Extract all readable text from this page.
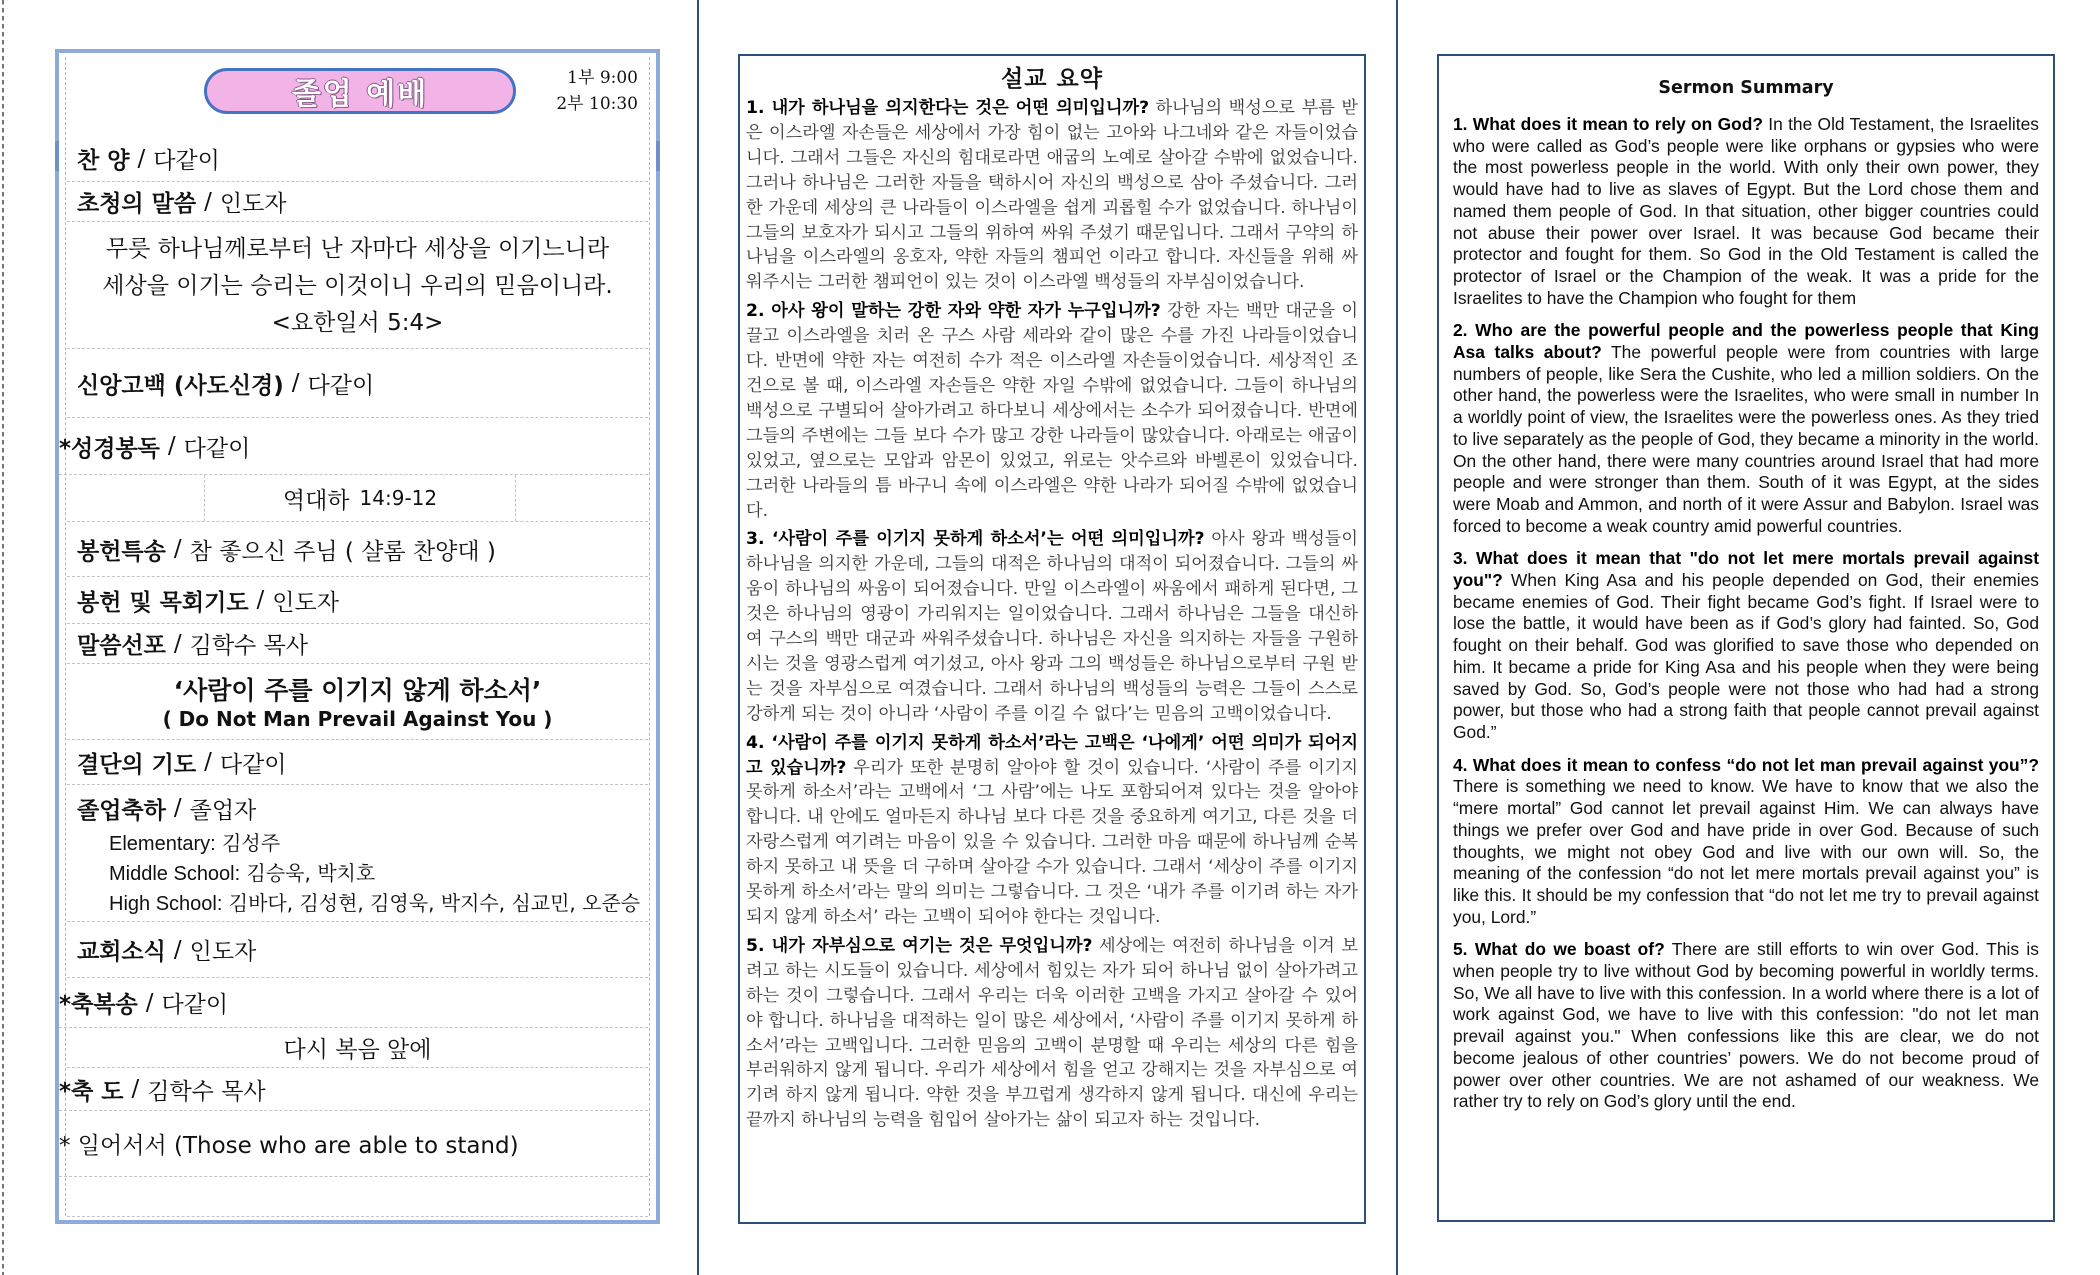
졸업 예배	1부 9:00
2부 10:30
찬 양 / 다같이
초청의 말씀 / 인도자
무릇 하나님께로부터 난 자마다 세상을 이기느니라
세상을 이기는 승리는 이것이니 우리의 믿음이니라.
<요한일서 5:4>
신앙고백 (사도신경) / 다같이
*성경봉독 / 다같이
역대하 14:9-12
봉헌특송 / 참 좋으신 주님 ( 샬롬 찬양대 )
봉헌 및 목회기도 / 인도자
말씀선포 / 김학수 목사
‘사람이 주를 이기지 않게 하소서’
( Do Not Man Prevail Against You )
결단의 기도 / 다같이
졸업축하 / 졸업자
Elementary: 김성주
Middle School: 김승욱, 박치호
High School: 김바다, 김성현, 김영욱, 박지수, 심교민, 오준승
교회소식 / 인도자
*축복송 / 다같이
다시 복음 앞에
*축 도 / 김학수 목사
* 일어서서 (Those who are able to stand)
설교 요약

1. 내가 하나님을 의지한다는 것은 어떤 의미입니까? 하나님의 백성으로 부름 받은 이스라엘 자손들은 세상에서 가장 힘이 없는 고아와 나그네와 같은 자들이었습니다. 그래서 그들은 자신의 힘대로라면 애굽의 노예로 살아갈 수밖에 없었습니다. 그러나 하나님은 그러한 자들을 택하시어 자신의 백성으로 삼아 주셨습니다. 그러한 가운데 세상의 큰 나라들이 이스라엘을 쉽게 괴롭힐 수가 없었습니다. 하나님이 그들의 보호자가 되시고 그들의 위하여 싸워 주셨기 때문입니다. 그래서 구약의 하나님을 이스라엘의 옹호자, 약한 자들의 챔피언 이라고 합니다. 자신들을 위해 싸워주시는 그러한 챔피언이 있는 것이 이스라엘 백성들의 자부심이었습니다.

2. 아사 왕이 말하는 강한 자와 약한 자가 누구입니까? 강한 자는 백만 대군을 이끌고 이스라엘을 치러 온 구스 사람 세라와 같이 많은 수를 가진 나라들이었습니다. 반면에 약한 자는 여전히 수가 적은 이스라엘 자손들이었습니다. 세상적인 조건으로 볼 때, 이스라엘 자손들은 약한 자일 수밖에 없었습니다. 그들이 하나님의 백성으로 구별되어 살아가려고 하다보니 세상에서는 소수가 되어졌습니다. 반면에 그들의 주변에는 그들 보다 수가 많고 강한 나라들이 많았습니다. 아래로는 애굽이 있었고, 옆으로는 모압과 암몬이 있었고, 위로는 앗수르와 바벨론이 있었습니다. 그러한 나라들의 틈 바구니 속에 이스라엘은 약한 나라가 되어질 수밖에 없었습니다.

3. ‘사람이 주를 이기지 못하게 하소서’는 어떤 의미입니까? 아사 왕과 백성들이 하나님을 의지한 가운데, 그들의 대적은 하나님의 대적이 되어졌습니다. 그들의 싸움이 하나님의 싸움이 되어졌습니다. 만일 이스라엘이 싸움에서 패하게 된다면, 그것은 하나님의 영광이 가리워지는 일이었습니다. 그래서 하나님은 그들을 대신하여 구스의 백만 대군과 싸워주셨습니다. 하나님은 자신을 의지하는 자들을 구원하시는 것을 영광스럽게 여기셨고, 아사 왕과 그의 백성들은 하나님으로부터 구원 받는 것을 자부심으로 여겼습니다. 그래서 하나님의 백성들의 능력은 그들이 스스로 강하게 되는 것이 아니라 ‘사람이 주를 이길 수 없다’는 믿음의 고백이었습니다.

4. ‘사람이 주를 이기지 못하게 하소서’라는 고백은 ‘나에게’ 어떤 의미가 되어지고 있습니까? 우리가 또한 분명히 알아야 할 것이 있습니다. ‘사람이 주를 이기지 못하게 하소서’라는 고백에서 ‘그 사람’에는 나도 포함되어져 있다는 것을 알아야 합니다. 내 안에도 얼마든지 하나님 보다 다른 것을 중요하게 여기고, 다른 것을 더 자랑스럽게 여기려는 마음이 있을 수 있습니다. 그러한 마음 때문에 하나님께 순복하지 못하고 내 뜻을 더 구하며 살아갈 수가 있습니다. 그래서 ‘세상이 주를 이기지 못하게 하소서’라는 말의 의미는 그렇습니다. 그 것은 ‘내가 주를 이기려 하는 자가 되지 않게 하소서’ 라는 고백이 되어야 한다는 것입니다.

5. 내가 자부심으로 여기는 것은 무엇입니까? 세상에는 여전히 하나님을 이겨 보려고 하는 시도들이 있습니다. 세상에서 힘있는 자가 되어 하나님 없이 살아가려고 하는 것이 그렇습니다. 그래서 우리는 더욱 이러한 고백을 가지고 살아갈 수 있어야 합니다. 하나님을 대적하는 일이 많은 세상에서, ‘사람이 주를 이기지 못하게 하소서’라는 고백입니다. 그러한 믿음의 고백이 분명할 때 우리는 세상의 다른 힘을 부러워하지 않게 됩니다. 우리가 세상에서 힘을 얻고 강해지는 것을 자부심으로 여기려 하지 않게 됩니다. 약한 것을 부끄럽게 생각하지 않게 됩니다. 대신에 우리는 끝까지 하나님의 능력을 힘입어 살아가는 삶이 되고자 하는 것입니다.

Sermon Summary

1. What does it mean to rely on God? In the Old Testament, the Israelites who were called as God’s people were like orphans or gypsies who were the most powerless people in the world. With only their own power, they would have had to live as slaves of Egypt. But the Lord chose them and named them people of God. In that situation, other bigger countries could not abuse their power over Israel. It was because God became their protector and fought for them. So God in the Old Testament is called the protector of Israel or the Champion of the weak. It was a pride for the Israelites to have the Champion who fought for them

2. Who are the powerful people and the powerless people that King Asa talks about? The powerful people were from countries with large numbers of people, like Sera the Cushite, who led a million soldiers. On the other hand, the powerless were the Israelites, who were small in number In a worldly point of view, the Israelites were the powerless ones. As they tried to live separately as the people of God, they became a minority in the world. On the other hand, there were many countries around Israel that had more people and were stronger than them. South of it was Egypt, at the sides were Moab and Ammon, and north of it were Assur and Babylon. Israel was forced to become a weak country amid powerful countries.

3. What does it mean that "do not let mere mortals prevail against you"? When King Asa and his people depended on God, their enemies became enemies of God. Their fight became God’s fight. If Israel were to lose the battle, it would have been as if God’s glory had fainted. So, God fought on their behalf. God was glorified to save those who depended on him. It became a pride for King Asa and his people when they were being saved by God. So, God’s people were not those who had had a strong power, but those who had a strong faith that people cannot prevail against God.”

4. What does it mean to confess “do not let man prevail against you”? There is something we need to know. We have to know that we also the “mere mortal” God cannot let prevail against Him. We can always have things we prefer over God and have pride in over God. Because of such thoughts, we might not obey God and live with our own will. So, the meaning of the confession “do not let mere mortals prevail against you” is like this. It should be my confession that “do not let me try to prevail against you, Lord.”

5. What do we boast of? There are still efforts to win over God. This is when people try to live without God by becoming powerful in worldly terms. So, We all have to live with this confession. In a world where there is a lot of work against God, we have to live with this confession: "do not let man prevail against you." When confessions like this are clear, we do not become jealous of other countries’ powers. We do not become proud of power over other countries. We are not ashamed of our weakness. We rather try to rely on God’s glory until the end.
